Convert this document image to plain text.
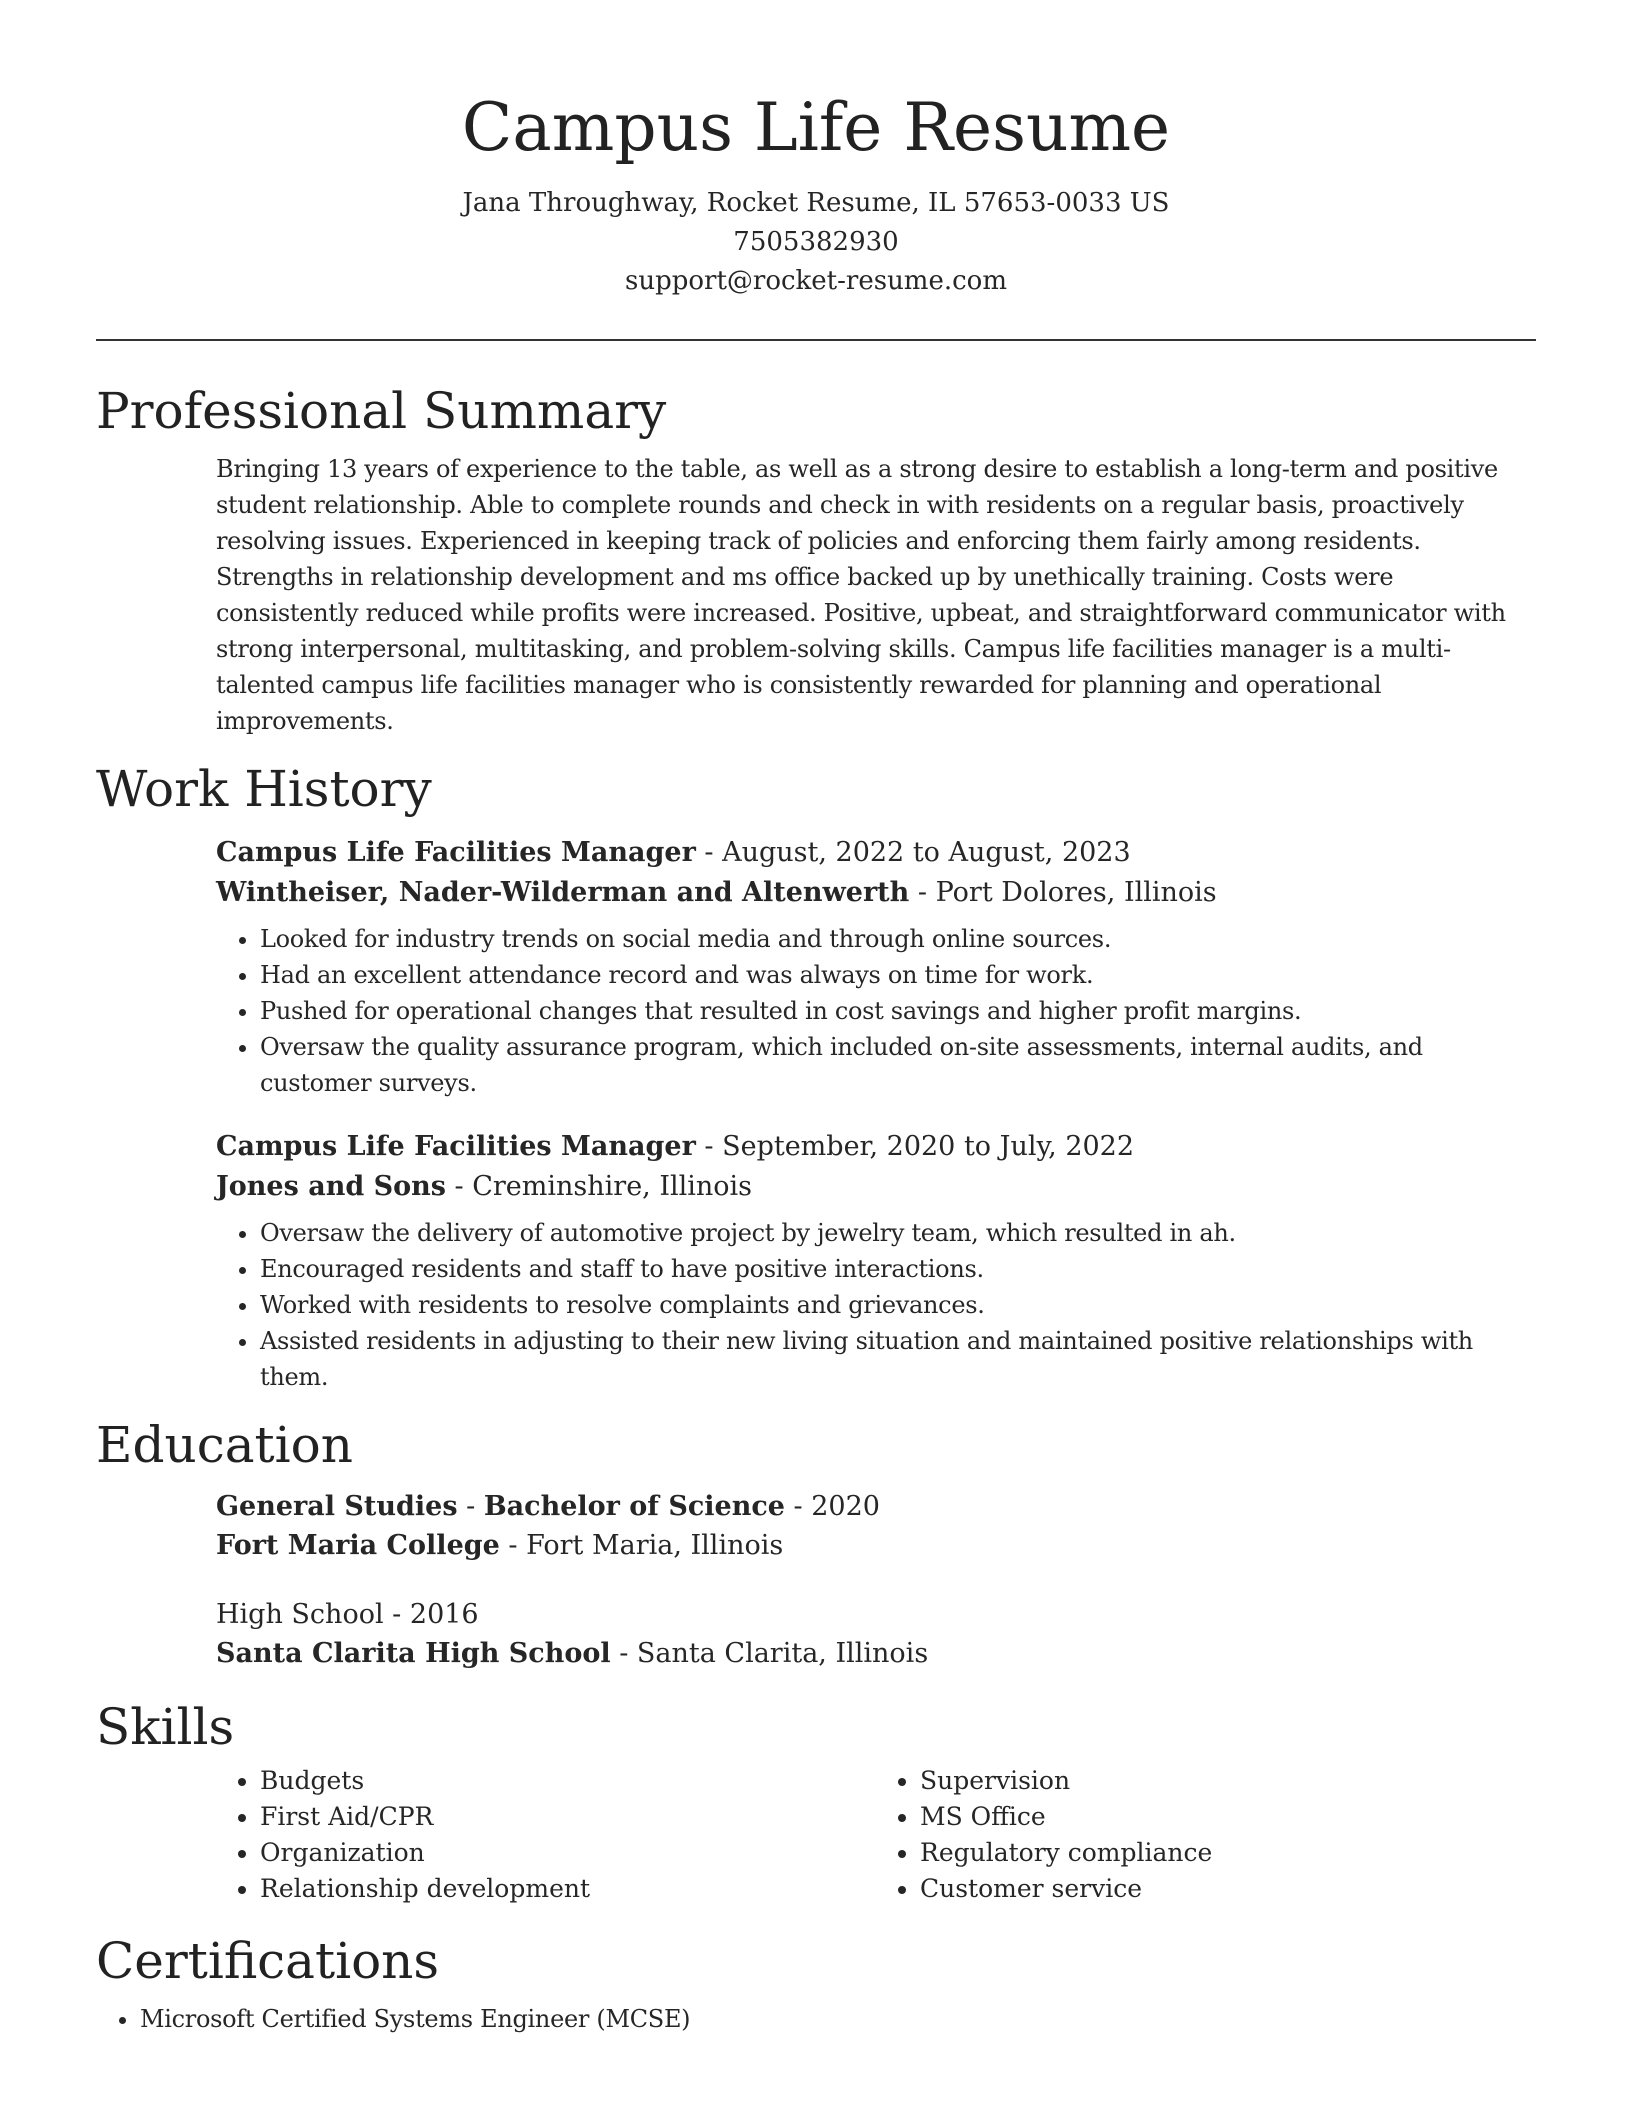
Campus Life Resume
Jana Throughway, Rocket Resume, IL 57653-0033 US
7505382930
support@rocket-resume.com
Professional Summary

Bringing 13 years of experience to the table, as well as a strong desire to establish a long-term and positive student relationship. Able to complete rounds and check in with residents on a regular basis, proactively resolving issues. Experienced in keeping track of policies and enforcing them fairly among residents. Strengths in relationship development and ms office backed up by unethically training. Costs were consistently reduced while profits were increased. Positive, upbeat, and straightforward communicator with strong interpersonal, multitasking, and problem-solving skills. Campus life facilities manager is a multi-talented campus life facilities manager who is consistently rewarded for planning and operational improvements.

Work History
Campus Life Facilities Manager - August, 2022 to August, 2023
Wintheiser, Nader-Wilderman and Altenwerth - Port Dolores, Illinois
• Looked for industry trends on social media and through online sources.
• Had an excellent attendance record and was always on time for work.
• Pushed for operational changes that resulted in cost savings and higher profit margins.
• Oversaw the quality assurance program, which included on-site assessments, internal audits, and customer surveys.
Campus Life Facilities Manager - September, 2020 to July, 2022
Jones and Sons - Creminshire, Illinois
• Oversaw the delivery of automotive project by jewelry team, which resulted in ah.
• Encouraged residents and staff to have positive interactions.
• Worked with residents to resolve complaints and grievances.
• Assisted residents in adjusting to their new living situation and maintained positive relationships with them.
Education
General Studies - Bachelor of Science - 2020
Fort Maria College - Fort Maria, Illinois
High School - 2016
Santa Clarita High School - Santa Clarita, Illinois
Skills
• Budgets
• First Aid/CPR
• Organization
• Relationship development
• Supervision
• MS Office
• Regulatory compliance
• Customer service
Certifications
• Microsoft Certified Systems Engineer (MCSE)
